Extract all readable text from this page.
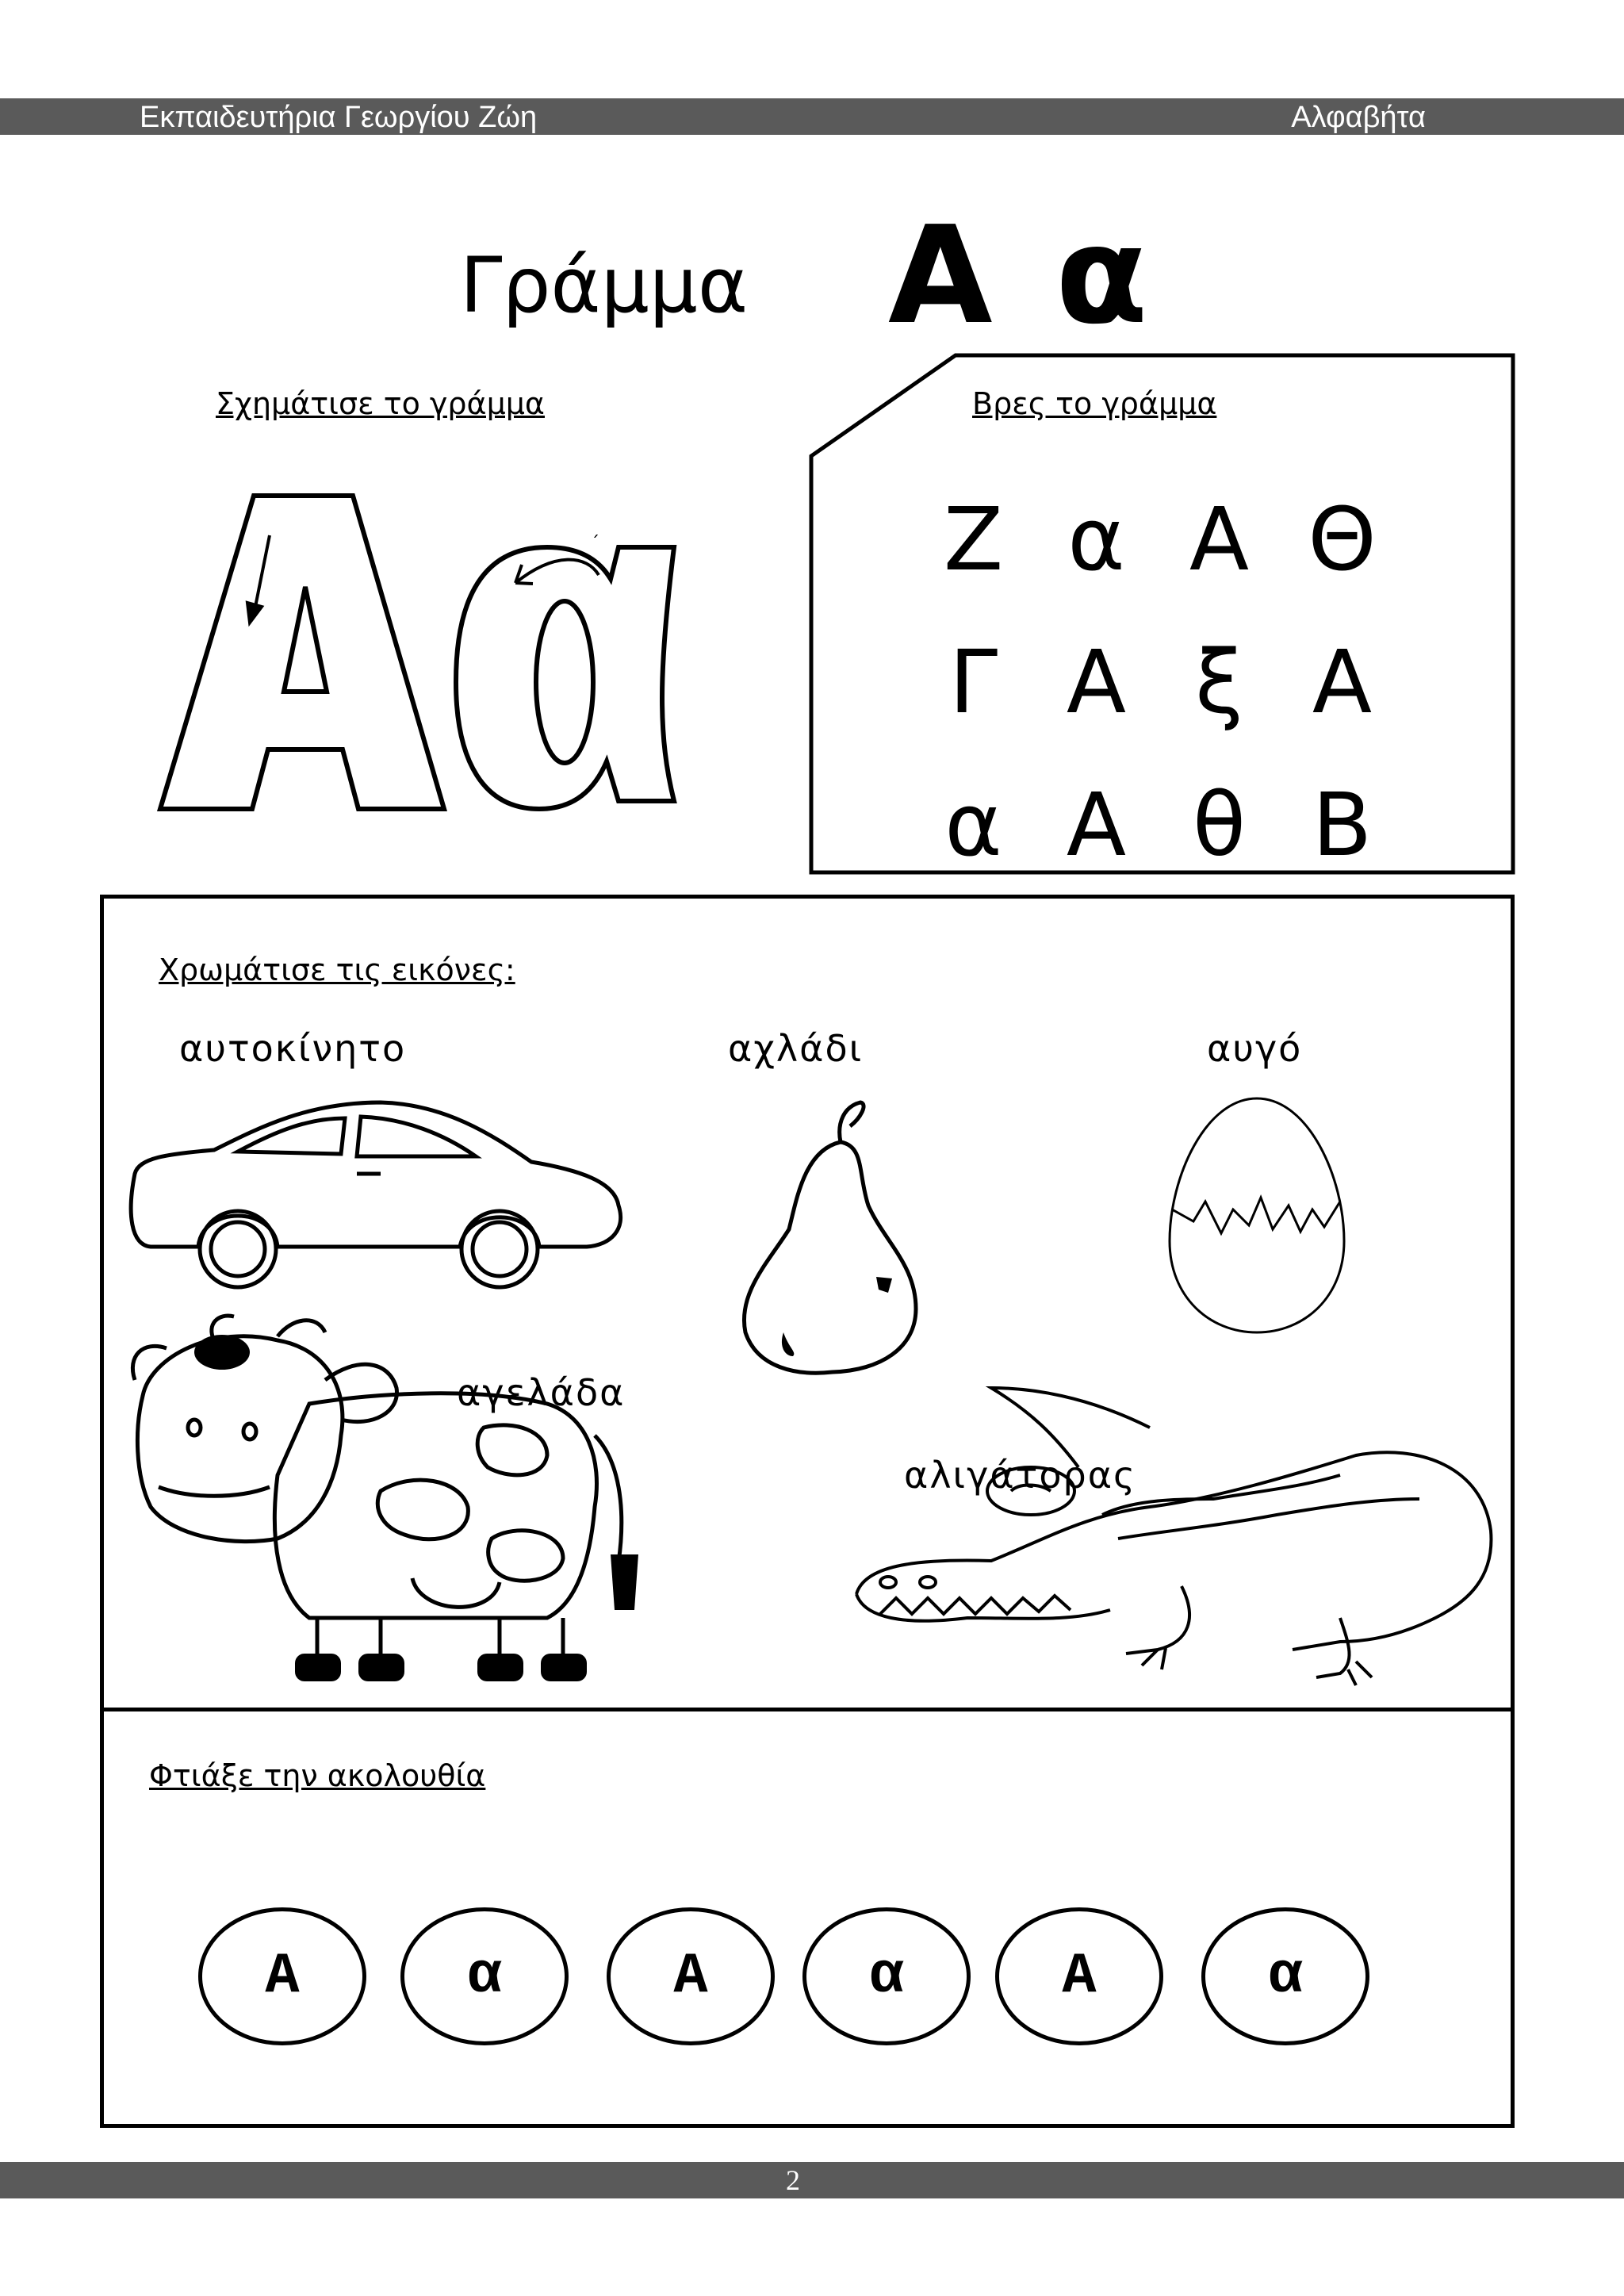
Εκπαιδευτήρια Γεωργίου Ζώη	Αλφαβήτα
Γράμμα Α α
Σχημάτισε το γράμμα
´
Βρες το γράμμα
Ζ α Α Θ
Γ Α ξ Α
α Α θ Β
Χρωμάτισε τις εικόνες:
αυτοκίνητο	αχλάδι	αυγό
αγελάδα
αλιγάτορας
Φτιάξε την ακολουθία
A	α	A	α	A	α
2
